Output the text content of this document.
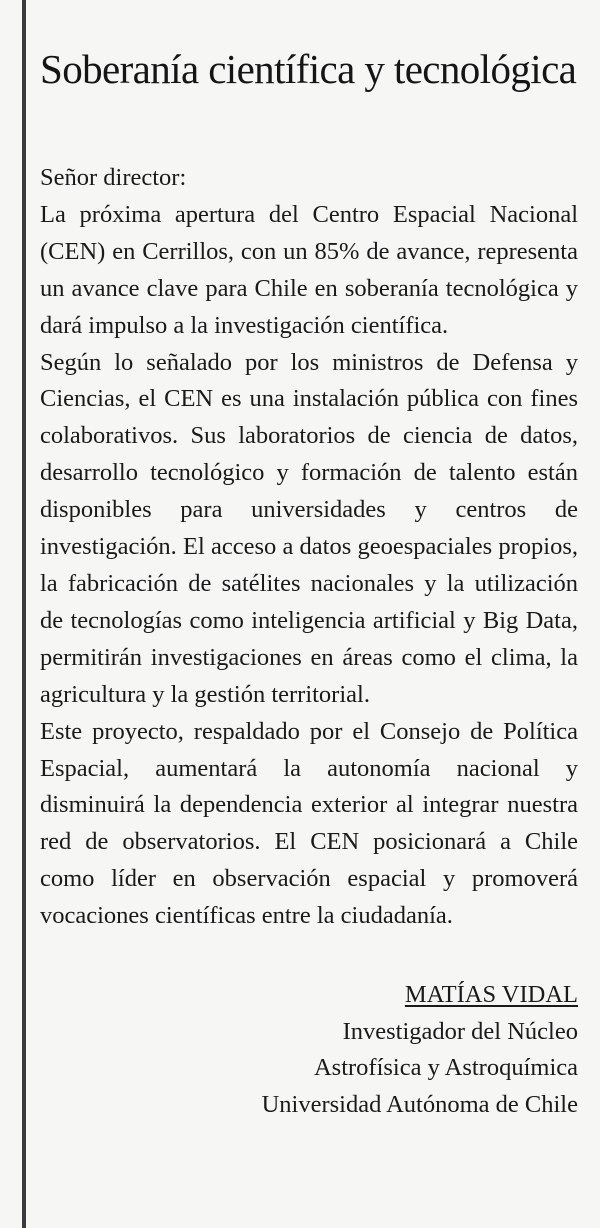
Soberanía científica y tecnológica

Señor director:

La próxima apertura del Centro Espacial Nacional (CEN) en Cerrillos, con un 85% de avance, representa un avance clave para Chile en soberanía tecnológica y dará impulso a la investigación científica.

Según lo señalado por los ministros de Defensa y Ciencias, el CEN es una instalación pública con fines colaborativos. Sus laboratorios de ciencia de datos, desarrollo tecnológico y formación de talento están disponibles para universidades y centros de investigación. El acceso a datos geoespaciales propios, la fabricación de satélites nacionales y la utilización de tecnologías como inteligencia artificial y Big Data, permitirán investigaciones en áreas como el clima, la agricultura y la gestión territorial.

Este proyecto, respaldado por el Consejo de Política Espacial, aumentará la autonomía nacional y disminuirá la dependencia exterior al integrar nuestra red de observatorios. El CEN posicionará a Chile como líder en observación espacial y promoverá vocaciones científicas entre la ciudadanía.

MATÍAS VIDAL
Investigador del Núcleo
Astrofísica y Astroquímica
Universidad Autónoma de Chile
